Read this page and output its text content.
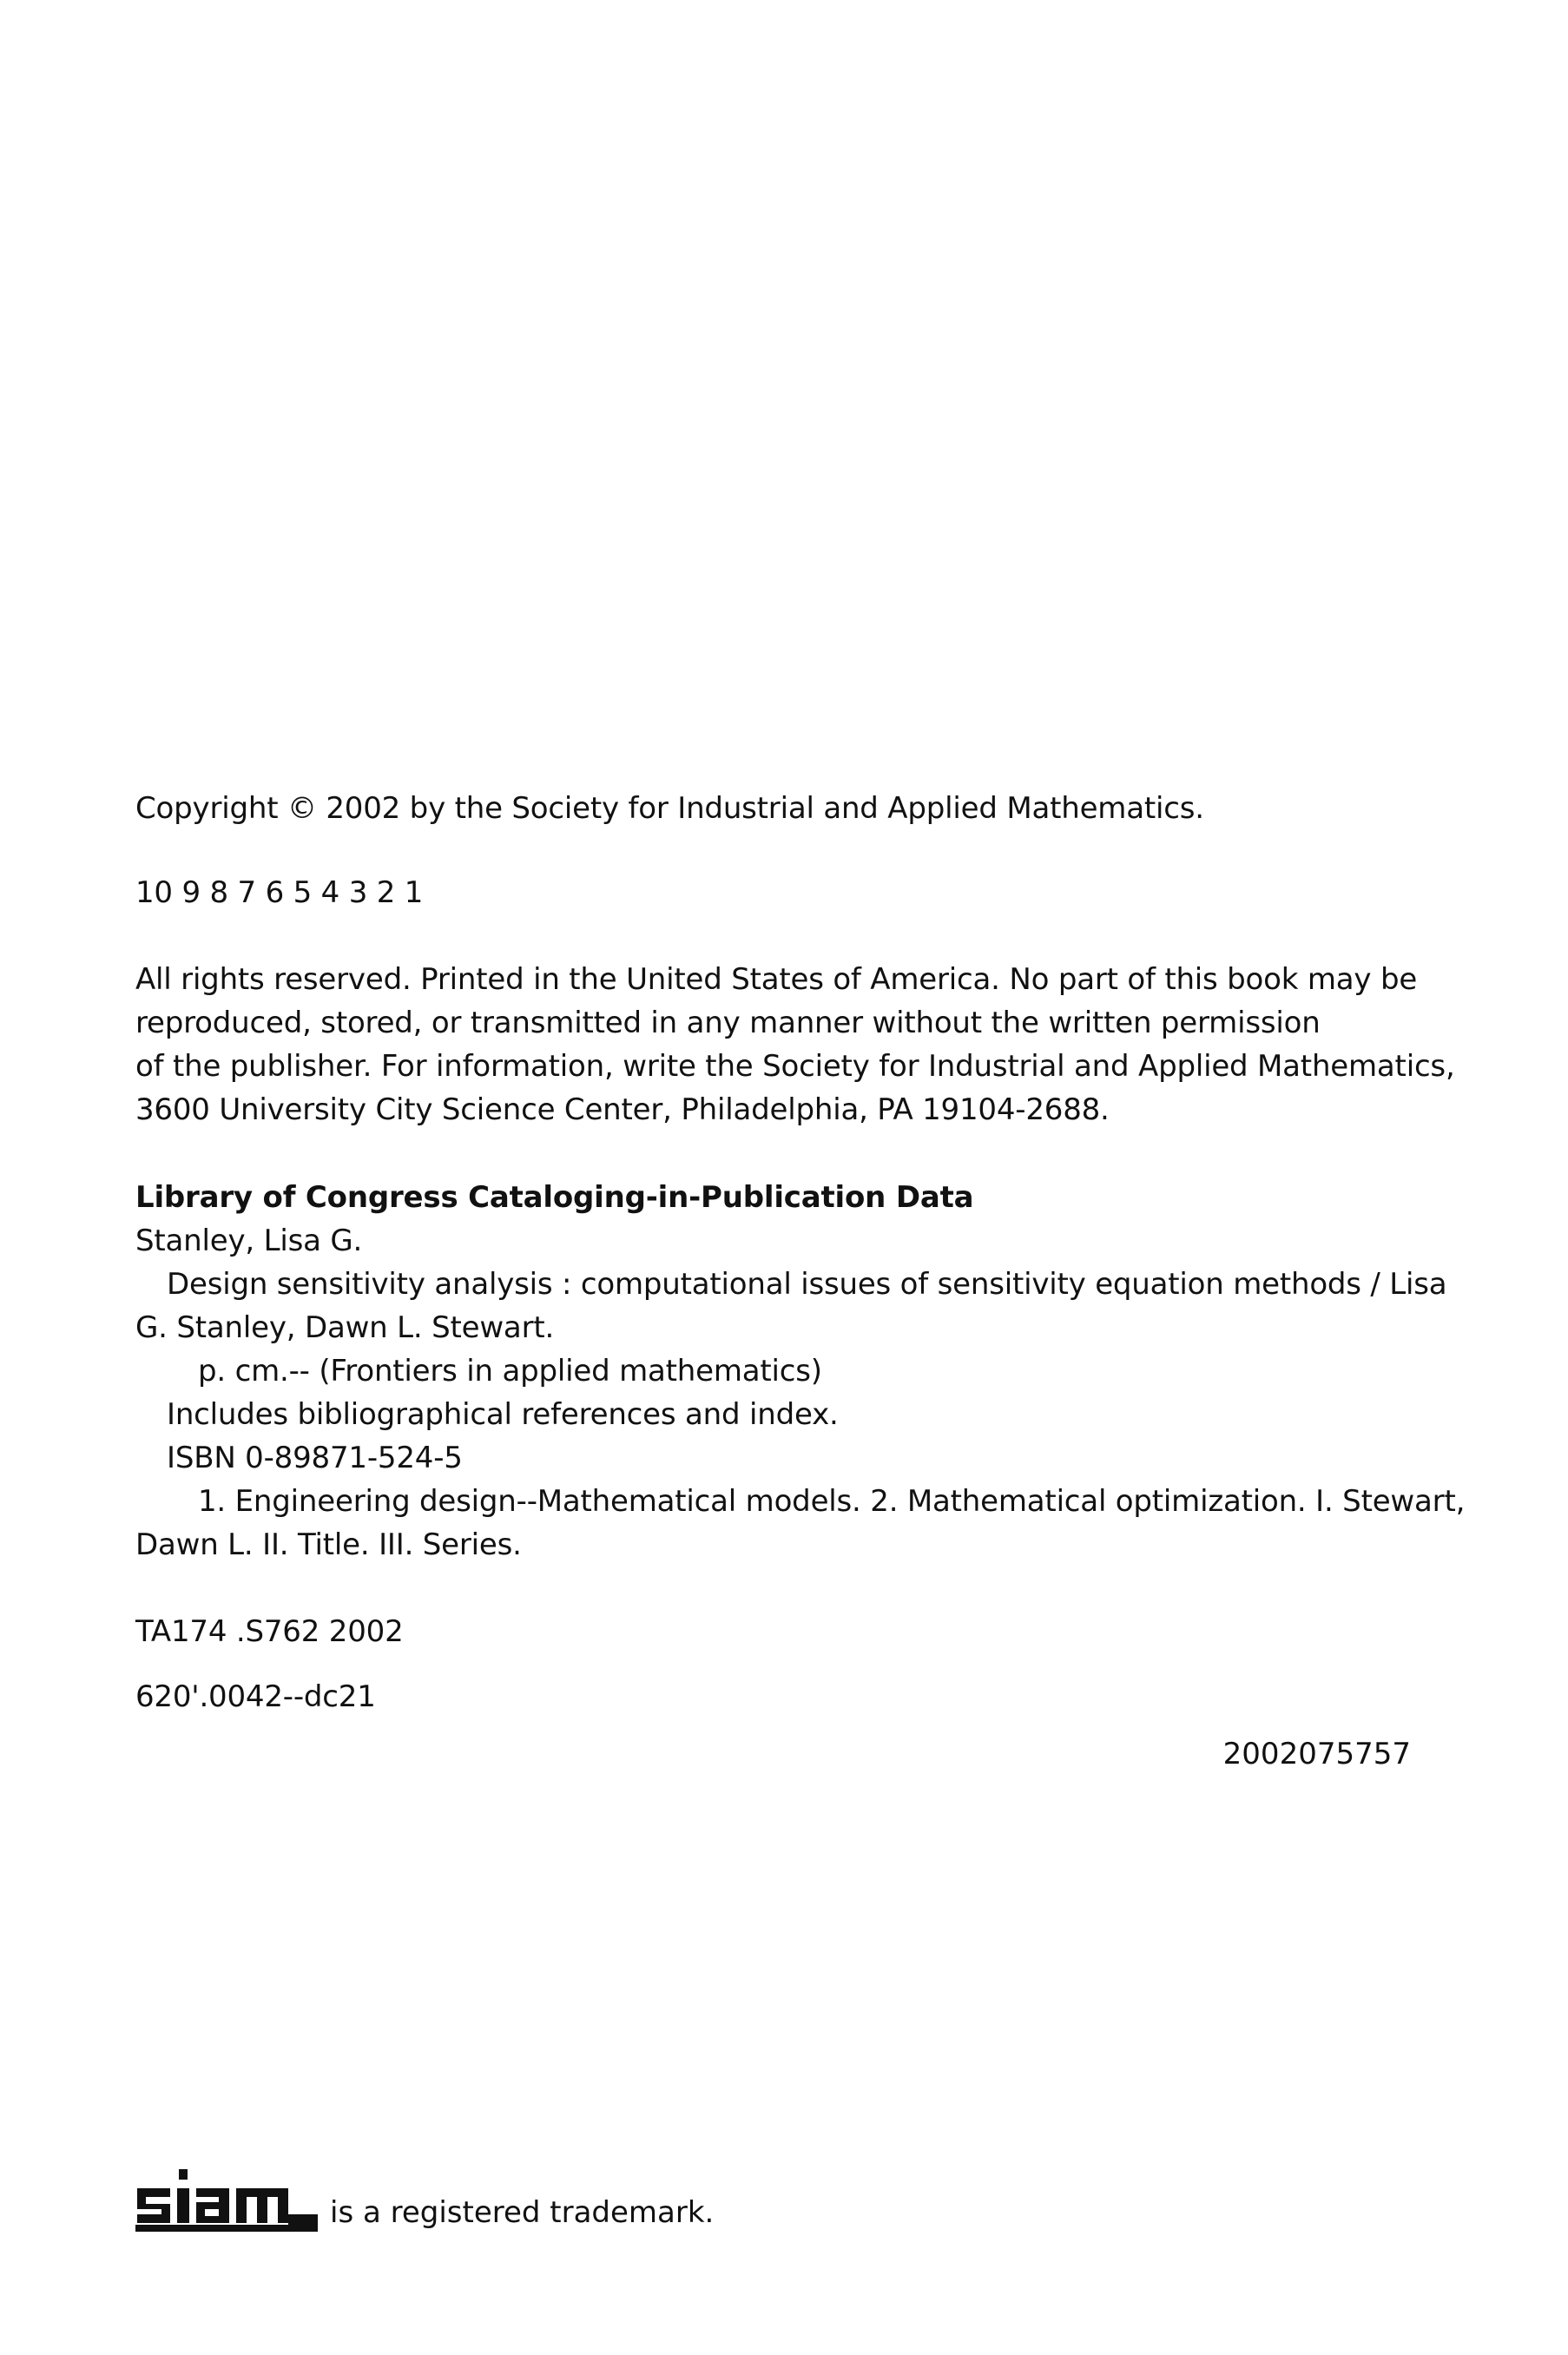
Copyright © 2002 by the Society for Industrial and Applied Mathematics.
10 9 8 7 6 5 4 3 2 1
All rights reserved. Printed in the United States of America. No part of this book may be
reproduced, stored, or transmitted in any manner without the written permission
of the publisher. For information, write the Society for Industrial and Applied Mathematics,
3600 University City Science Center, Philadelphia, PA 19104-2688.
Library of Congress Cataloging-in-Publication Data
Stanley, Lisa G.
Design sensitivity analysis : computational issues of sensitivity equation methods / Lisa
G. Stanley, Dawn L. Stewart.
p. cm.-- (Frontiers in applied mathematics)
Includes bibliographical references and index.
ISBN 0-89871-524-5
1. Engineering design--Mathematical models. 2. Mathematical optimization. I. Stewart,
Dawn L. II. Title. III. Series.
TA174 .S762 2002
620'.0042--dc21
2002075757
is a registered trademark.
